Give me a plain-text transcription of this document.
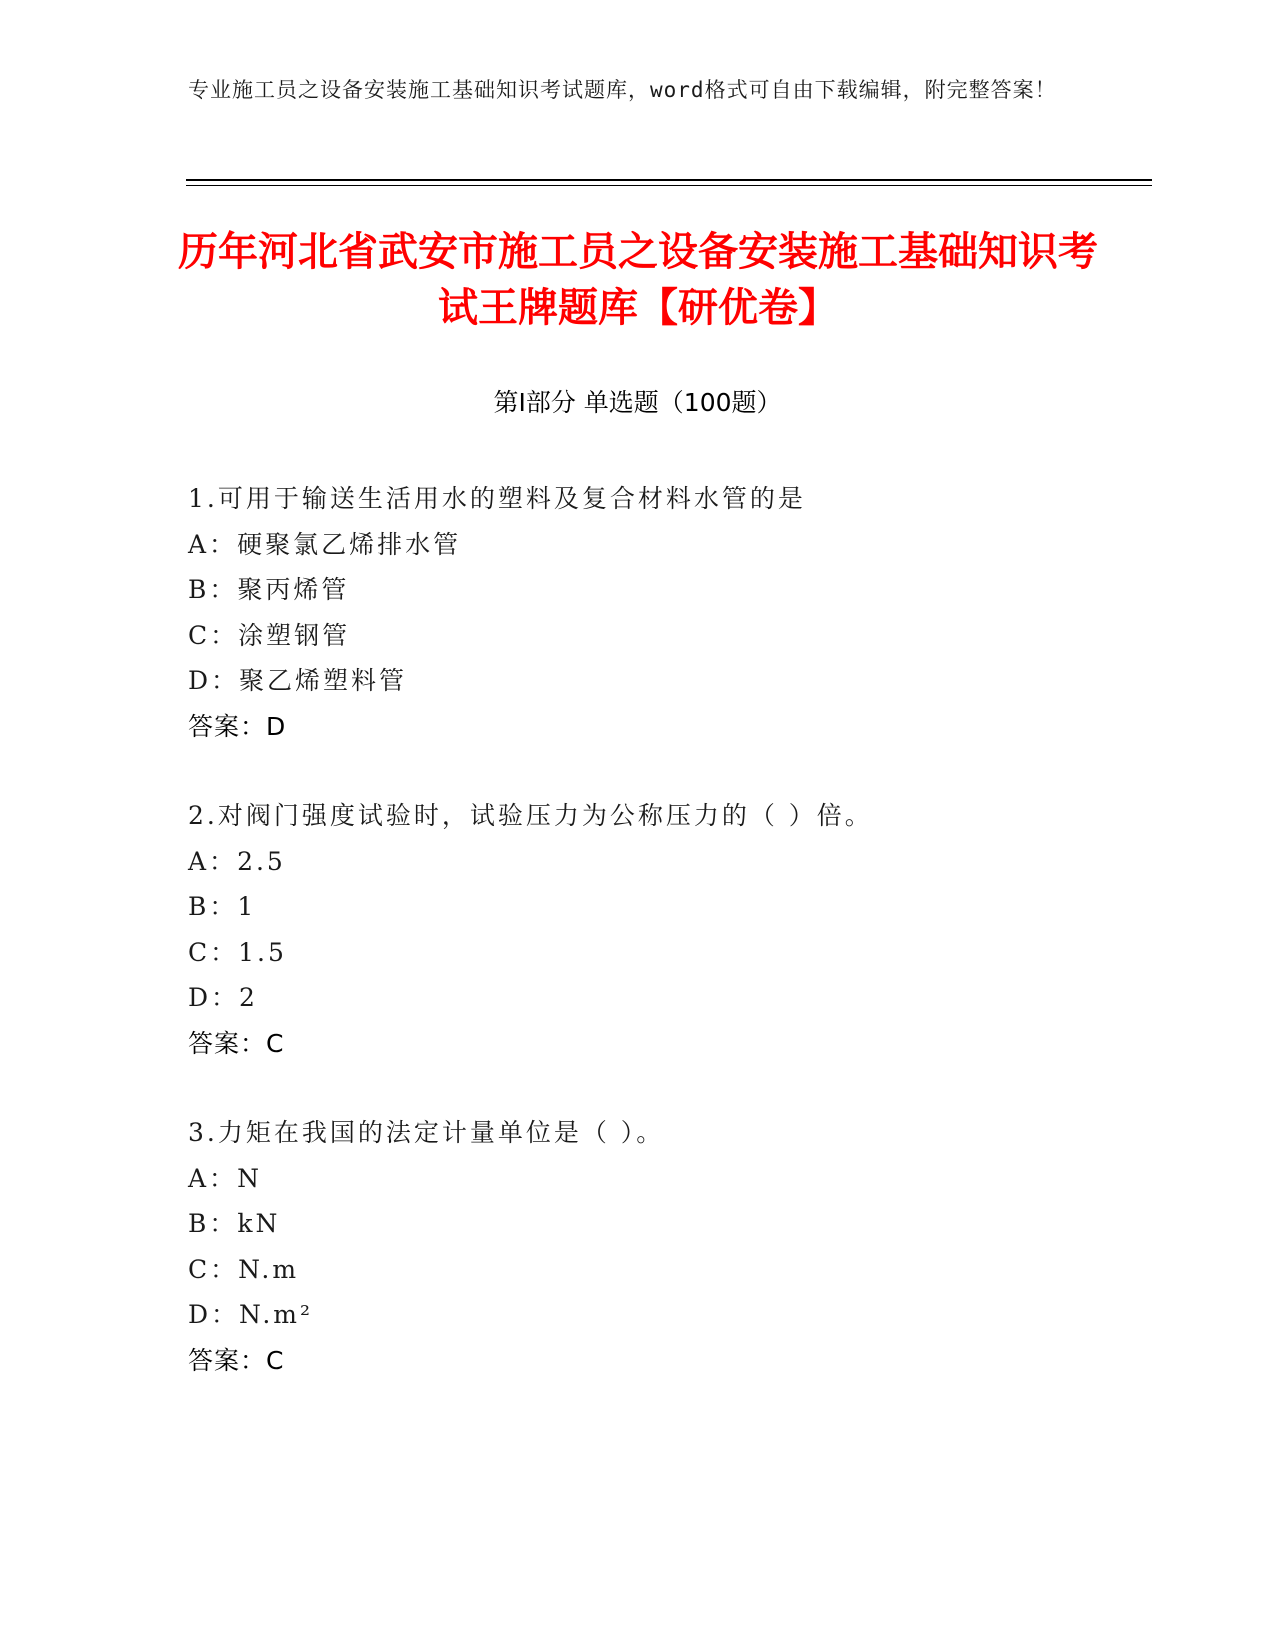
专业施工员之设备安装施工基础知识考试题库，word格式可自由下载编辑，附完整答案！
历年河北省武安市施工员之设备安装施工基础知识考试王牌题库【研优卷】
第Ⅰ部分 单选题（100题）
1.可用于输送生活用水的塑料及复合材料水管的是
A：硬聚氯乙烯排水管
B：聚丙烯管
C：涂塑钢管
D：聚乙烯塑料管
答案：D
2.对阀门强度试验时，试验压力为公称压力的（ ）倍。
A：2.5
B：1
C：1.5
D：2
答案：C
3.力矩在我国的法定计量单位是（ ）。
A：N
B：kN
C：N.m
D：N.m²
答案：C
